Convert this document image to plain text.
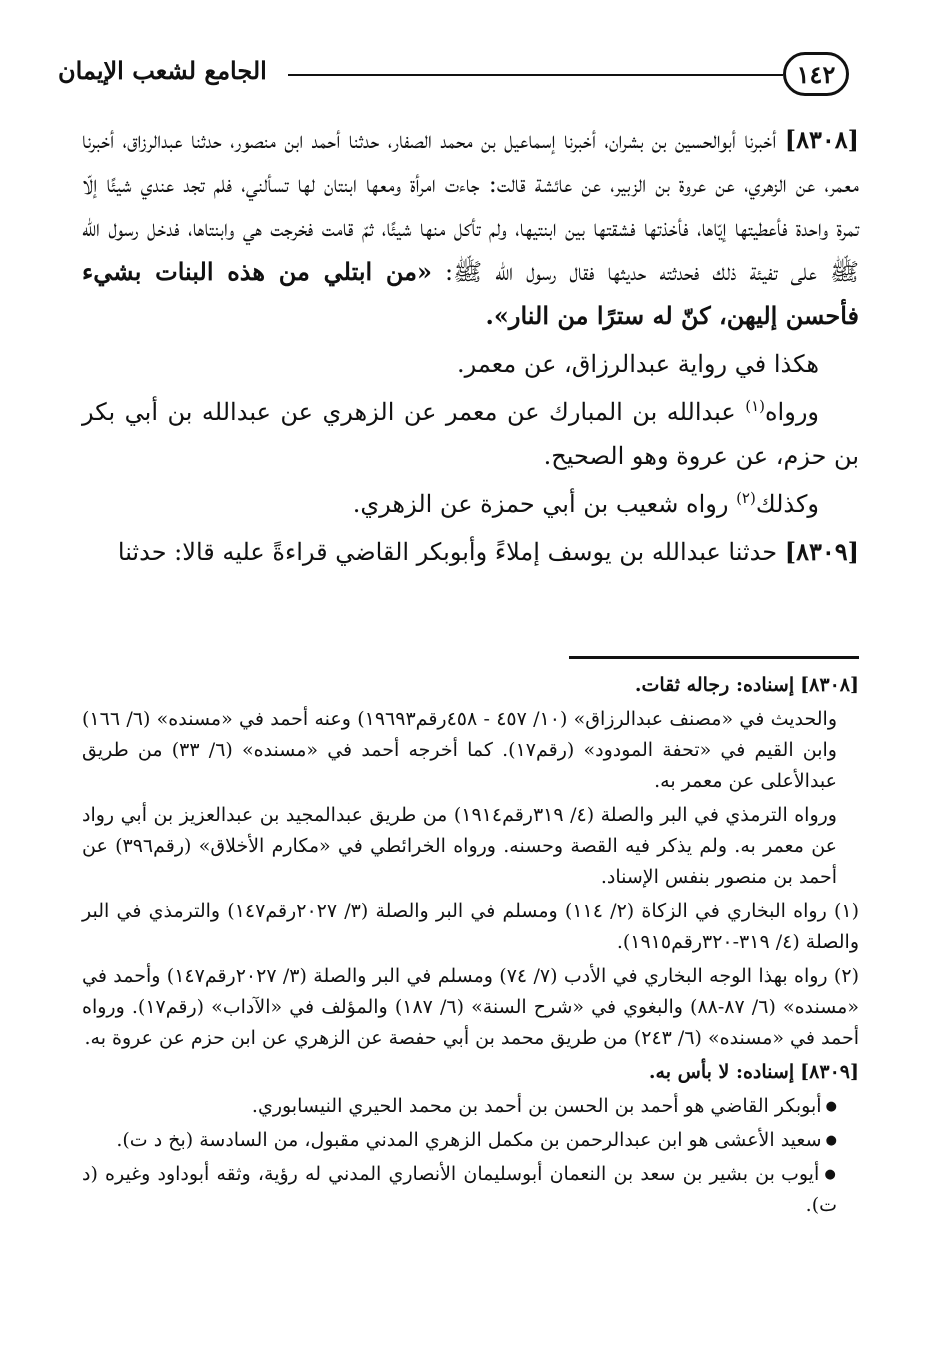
الجامع لشعب الإيمان	١٤٢

[٨٣٠٨] أخبرنا أبوالحسين بن بشران، أخبرنا إسماعيل بن محمد الصفار، حدثنا أحمد ابن منصور، حدثنا عبدالرزاق، أخبرنا معمر، عن الزهري، عن عروة بن الزبير، عن عائشة قالت: جاءت امرأة ومعها ابنتان لها تسألني، فلم تجد عندي شيئًا إلّا تمرة واحدة فأعطيتها إيّاها، فأخذتها فشقتها بين ابنتيها، ولم تأكل منها شيئًا، ثمّ قامت فخرجت هي وابنتاها، فدخل رسول الله ﷺ على تفيئة ذلك فحدثته حديثها فقال رسول الله ﷺ: «من ابتلي من هذه البنات بشيء فأحسن إليهن، كنّ له سترًا من النار».

هكذا في رواية عبدالرزاق، عن معمر.

ورواه$^{(١)}$ عبدالله بن المبارك عن معمر عن الزهري عن عبدالله بن أبي بكر بن حزم، عن عروة وهو الصحيح.

وكذلك$^{(٢)}$ رواه شعيب بن أبي حمزة عن الزهري.

[٨٣٠٩] حدثنا عبدالله بن يوسف إملاءً وأبوبكر القاضي قراءةً عليه قالا: حدثنا

[٨٣٠٨] إسناده: رجاله ثقات.

والحديث في «مصنف عبدالرزاق» (١٠/ ٤٥٧ - ٤٥٨رقم١٩٦٩٣) وعنه أحمد في «مسنده» (٦/ ١٦٦) وابن القيم في «تحفة المودود» (رقم١٧). كما أخرجه أحمد في «مسنده» (٦/ ٣٣) من طريق عبدالأعلى عن معمر به.

ورواه الترمذي في البر والصلة (٤/ ٣١٩رقم١٩١٤) من طريق عبدالمجيد بن عبدالعزيز بن أبي رواد عن معمر به. ولم يذكر فيه القصة وحسنه. ورواه الخرائطي في «مكارم الأخلاق» (رقم٣٩٦) عن أحمد بن منصور بنفس الإسناد.

(١) رواه البخاري في الزكاة (٢/ ١١٤) ومسلم في البر والصلة (٣/ ٢٠٢٧رقم١٤٧) والترمذي في البر والصلة (٤/ ٣١٩-٣٢٠رقم١٩١٥).

(٢) رواه بهذا الوجه البخاري في الأدب (٧/ ٧٤) ومسلم في البر والصلة (٣/ ٢٠٢٧رقم١٤٧) وأحمد في «مسنده» (٦/ ٨٧-٨٨) والبغوي في «شرح السنة» (٦/ ١٨٧) والمؤلف في «الآداب» (رقم١٧). ورواه أحمد في «مسنده» (٦/ ٢٤٣) من طريق محمد بن أبي حفصة عن الزهري عن ابن حزم عن عروة به.

[٨٣٠٩] إسناده: لا بأس به.

● أبوبكر القاضي هو أحمد بن الحسن بن أحمد بن محمد الحيري النيسابوري.

● سعيد الأعشى هو ابن عبدالرحمن بن مكمل الزهري المدني مقبول، من السادسة (بخ د ت).

● أيوب بن بشير بن سعد بن النعمان أبوسليمان الأنصاري المدني له رؤية، وثقه أبوداود وغيره (د ت).
